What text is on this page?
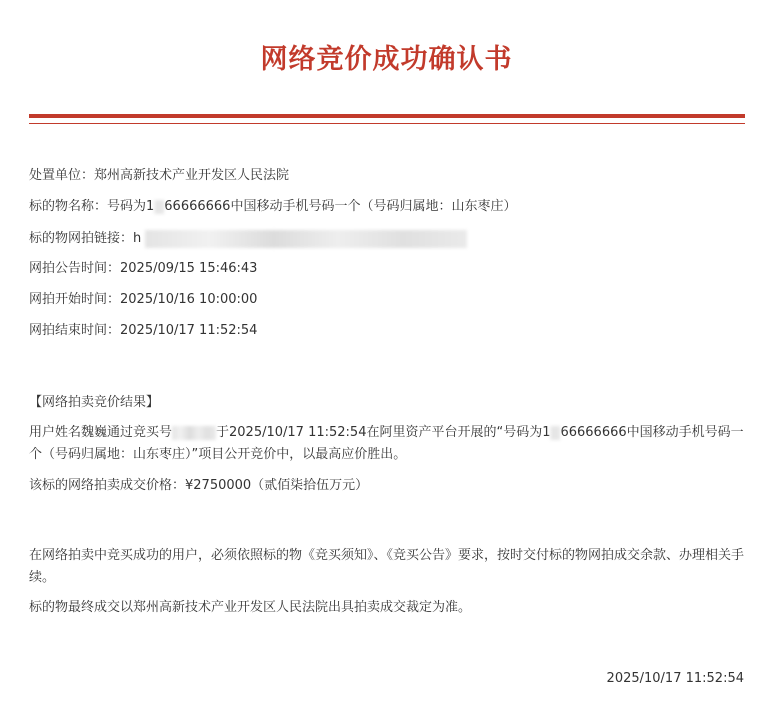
网络竞价成功确认书
处置单位：郑州高新技术产业开发区人民法院
标的物名称：号码为1 66666666中国移动手机号码一个（号码归属地：山东枣庄）
标的物网拍链接：h
网拍公告时间：2025/09/15 15:46:43
网拍开始时间：2025/10/16 10:00:00
网拍结束时间：2025/10/17 11:52:54
【网络拍卖竞价结果】
用户姓名魏巍通过竞买号	于2025/10/17 11:52:54在阿里资产平台开展的“号码为1 66666666中国移动手机号码一个（号码归属地：山东枣庄）”项目公开竞价中，以最高应价胜出。
该标的网络拍卖成交价格：¥2750000（贰佰柒拾伍万元）
在网络拍卖中竞买成功的用户，必须依照标的物《竞买须知》、《竞买公告》要求，按时交付标的物网拍成交余款、办理相关手续。
标的物最终成交以郑州高新技术产业开发区人民法院出具拍卖成交裁定为准。
2025/10/17 11:52:54
